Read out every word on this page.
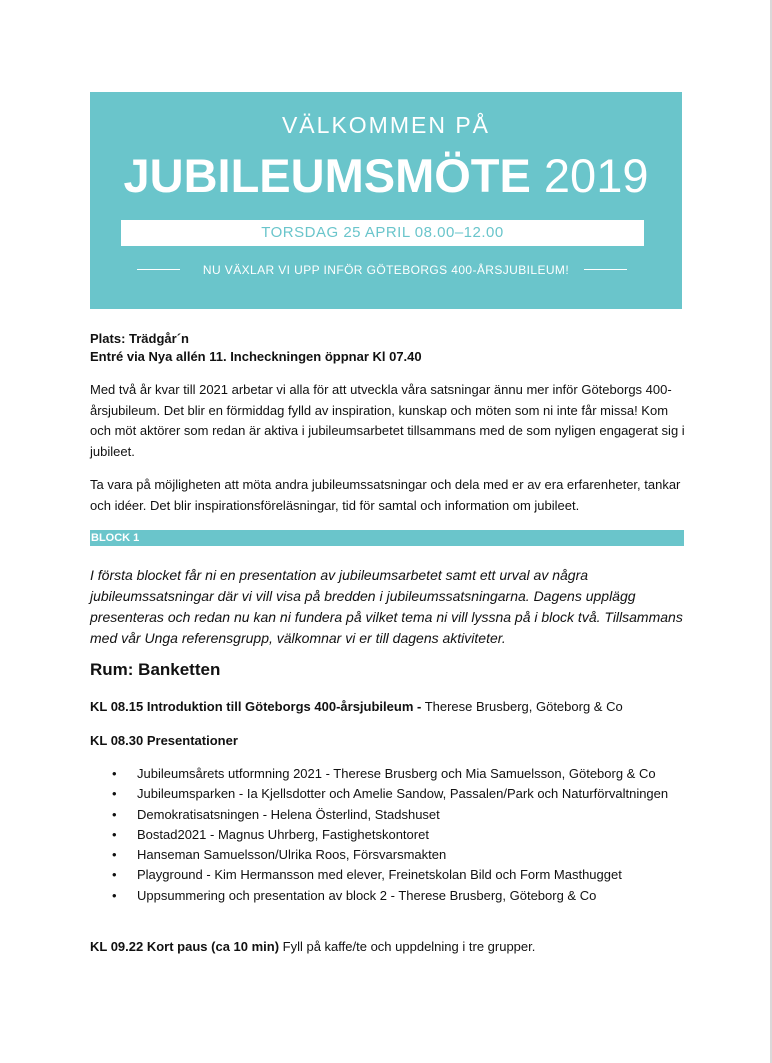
VÄLKOMMEN PÅ
JUBILEUMSMÖTE 2019
TORSDAG 25 APRIL 08.00–12.00
NU VÄXLAR VI UPP INFÖR GÖTEBORGS 400-ÅRSJUBILEUM!
Plats: Trädgår´n
Entré via Nya allén 11. Incheckningen öppnar Kl 07.40
Med två år kvar till 2021 arbetar vi alla för att utveckla våra satsningar ännu mer inför Göteborgs 400-årsjubileum. Det blir en förmiddag fylld av inspiration, kunskap och möten som ni inte får missa! Kom och möt aktörer som redan är aktiva i jubileumsarbetet tillsammans med de som nyligen engagerat sig i jubileet.
Ta vara på möjligheten att möta andra jubileumssatsningar och dela med er av era erfarenheter, tankar och idéer. Det blir inspirationsföreläsningar, tid för samtal och information om jubileet.
BLOCK 1
I första blocket får ni en presentation av jubileumsarbetet samt ett urval av några jubileumssatsningar där vi vill visa på bredden i jubileumssatsningarna. Dagens upplägg presenteras och redan nu kan ni fundera på vilket tema ni vill lyssna på i block två. Tillsammans med vår Unga referensgrupp, välkomnar vi er till dagens aktiviteter.
Rum: Banketten
KL 08.15 Introduktion till Göteborgs 400-årsjubileum - Therese Brusberg, Göteborg & Co
KL 08.30 Presentationer
• Jubileumsårets utformning 2021 - Therese Brusberg och Mia Samuelsson, Göteborg & Co
• Jubileumsparken - Ia Kjellsdotter och Amelie Sandow, Passalen/Park och Naturförvaltningen
• Demokratisatsningen - Helena Österlind, Stadshuset
• Bostad2021 - Magnus Uhrberg, Fastighetskontoret
• Hanseman Samuelsson/Ulrika Roos, Försvarsmakten
• Playground - Kim Hermansson med elever, Freinetskolan Bild och Form Masthugget
• Uppsummering och presentation av block 2 - Therese Brusberg, Göteborg & Co
KL 09.22 Kort paus (ca 10 min) Fyll på kaffe/te och uppdelning i tre grupper.
